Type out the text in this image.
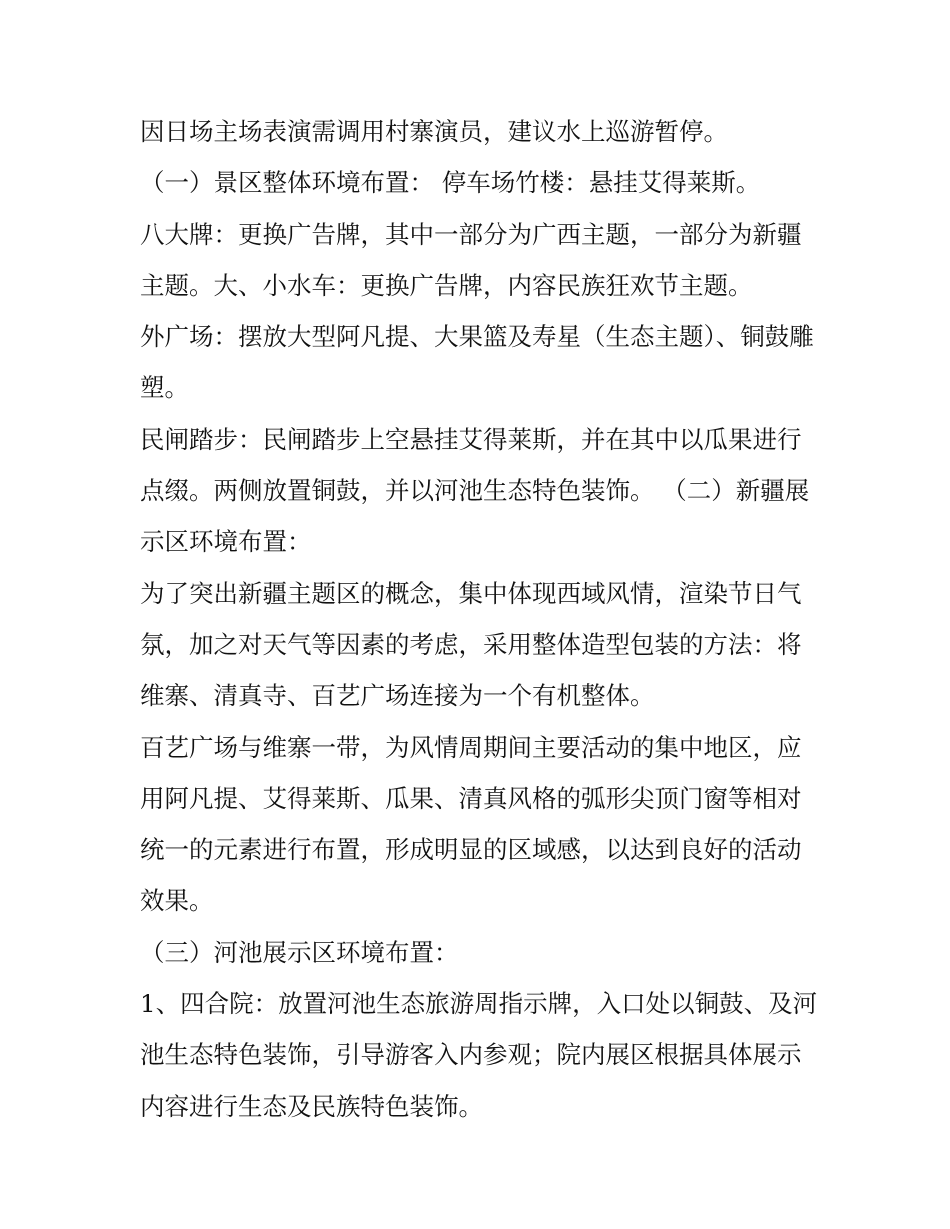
因日场主场表演需调用村寨演员，建议水上巡游暂停。

（一）景区整体环境布置： 停车场竹楼：悬挂艾得莱斯。

八大牌：更换广告牌，其中一部分为广西主题，一部分为新疆主题。大、小水车：更换广告牌，内容民族狂欢节主题。

外广场：摆放大型阿凡提、大果篮及寿星（生态主题）、铜鼓雕塑。

民闸踏步：民闸踏步上空悬挂艾得莱斯，并在其中以瓜果进行点缀。两侧放置铜鼓，并以河池生态特色装饰。 （二）新疆展示区环境布置：

为了突出新疆主题区的概念，集中体现西域风情，渲染节日气氛，加之对天气等因素的考虑，采用整体造型包装的方法：将维寨、清真寺、百艺广场连接为一个有机整体。

百艺广场与维寨一带，为风情周期间主要活动的集中地区，应用阿凡提、艾得莱斯、瓜果、清真风格的弧形尖顶门窗等相对统一的元素进行布置，形成明显的区域感，以达到良好的活动效果。

（三）河池展示区环境布置：

1、四合院：放置河池生态旅游周指示牌，入口处以铜鼓、及河池生态特色装饰，引导游客入内参观；院内展区根据具体展示内容进行生态及民族特色装饰。
